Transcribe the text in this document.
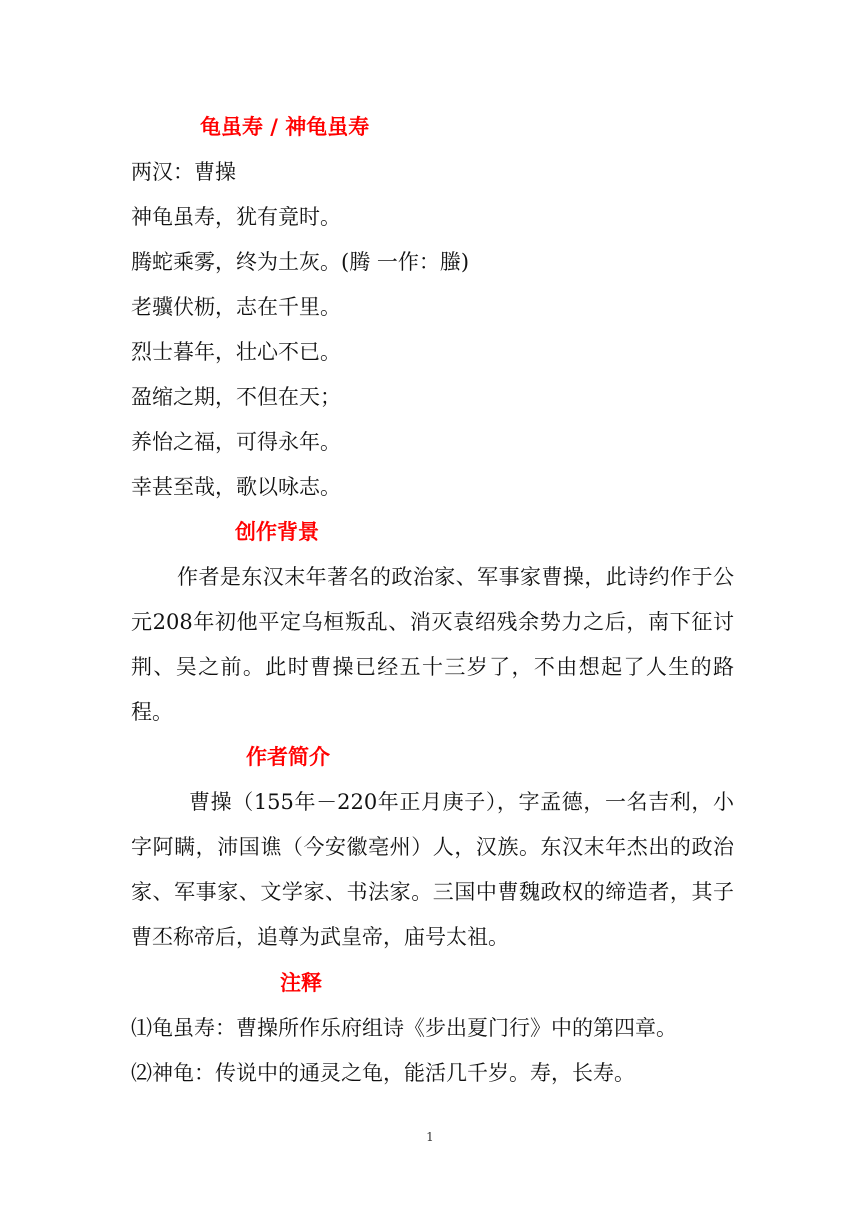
龟虽寿 / 神龟虽寿
两汉：曹操
神龟虽寿，犹有竟时。
腾蛇乘雾，终为土灰。(腾 一作：螣)
老骥伏枥，志在千里。
烈士暮年，壮心不已。
盈缩之期，不但在天；
养怡之福，可得永年。
幸甚至哉，歌以咏志。
创作背景
作者是东汉末年著名的政治家、军事家曹操，此诗约作于公元208年初他平定乌桓叛乱、消灭袁绍残余势力之后，南下征讨荆、吴之前。此时曹操已经五十三岁了，不由想起了人生的路程。
作者简介
曹操（155年－220年正月庚子），字孟德，一名吉利，小字阿瞒，沛国谯（今安徽亳州）人，汉族。东汉末年杰出的政治家、军事家、文学家、书法家。三国中曹魏政权的缔造者，其子曹丕称帝后，追尊为武皇帝，庙号太祖。
注释
⑴龟虽寿：曹操所作乐府组诗《步出夏门行》中的第四章。
⑵神龟：传说中的通灵之龟，能活几千岁。寿，长寿。
1
